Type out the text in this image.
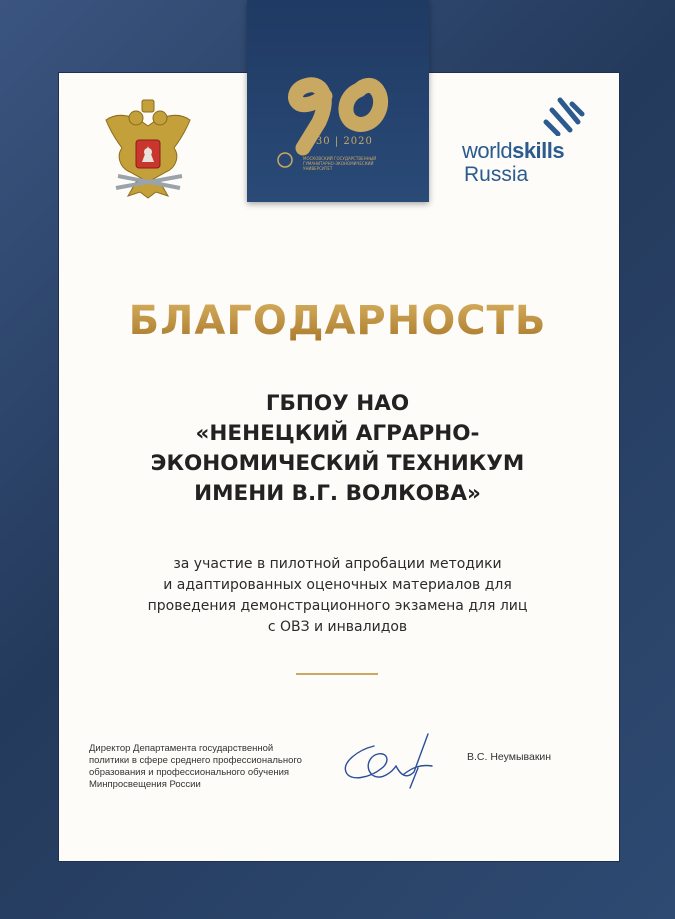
1930 | 2020
МОСКОВСКИЙ ГОСУДАРСТВЕННЫЙ ГУМАНИТАРНО-ЭКОНОМИЧЕСКИЙ УНИВЕРСИТЕТ
worldskills
Russia
БЛАГОДАРНОСТЬ
ГБПОУ НАО
«НЕНЕЦКИЙ АГРАРНО-
ЭКОНОМИЧЕСКИЙ ТЕХНИКУМ
ИМЕНИ В.Г. ВОЛКОВА»
за участие в пилотной апробации методики
и адаптированных оценочных материалов для
проведения демонстрационного экзамена для лиц
с ОВЗ и инвалидов
Директор Департамента государственной
политики в сфере среднего профессионального
образования и профессионального обучения
Минпросвещения России
В.С. Неумывакин
